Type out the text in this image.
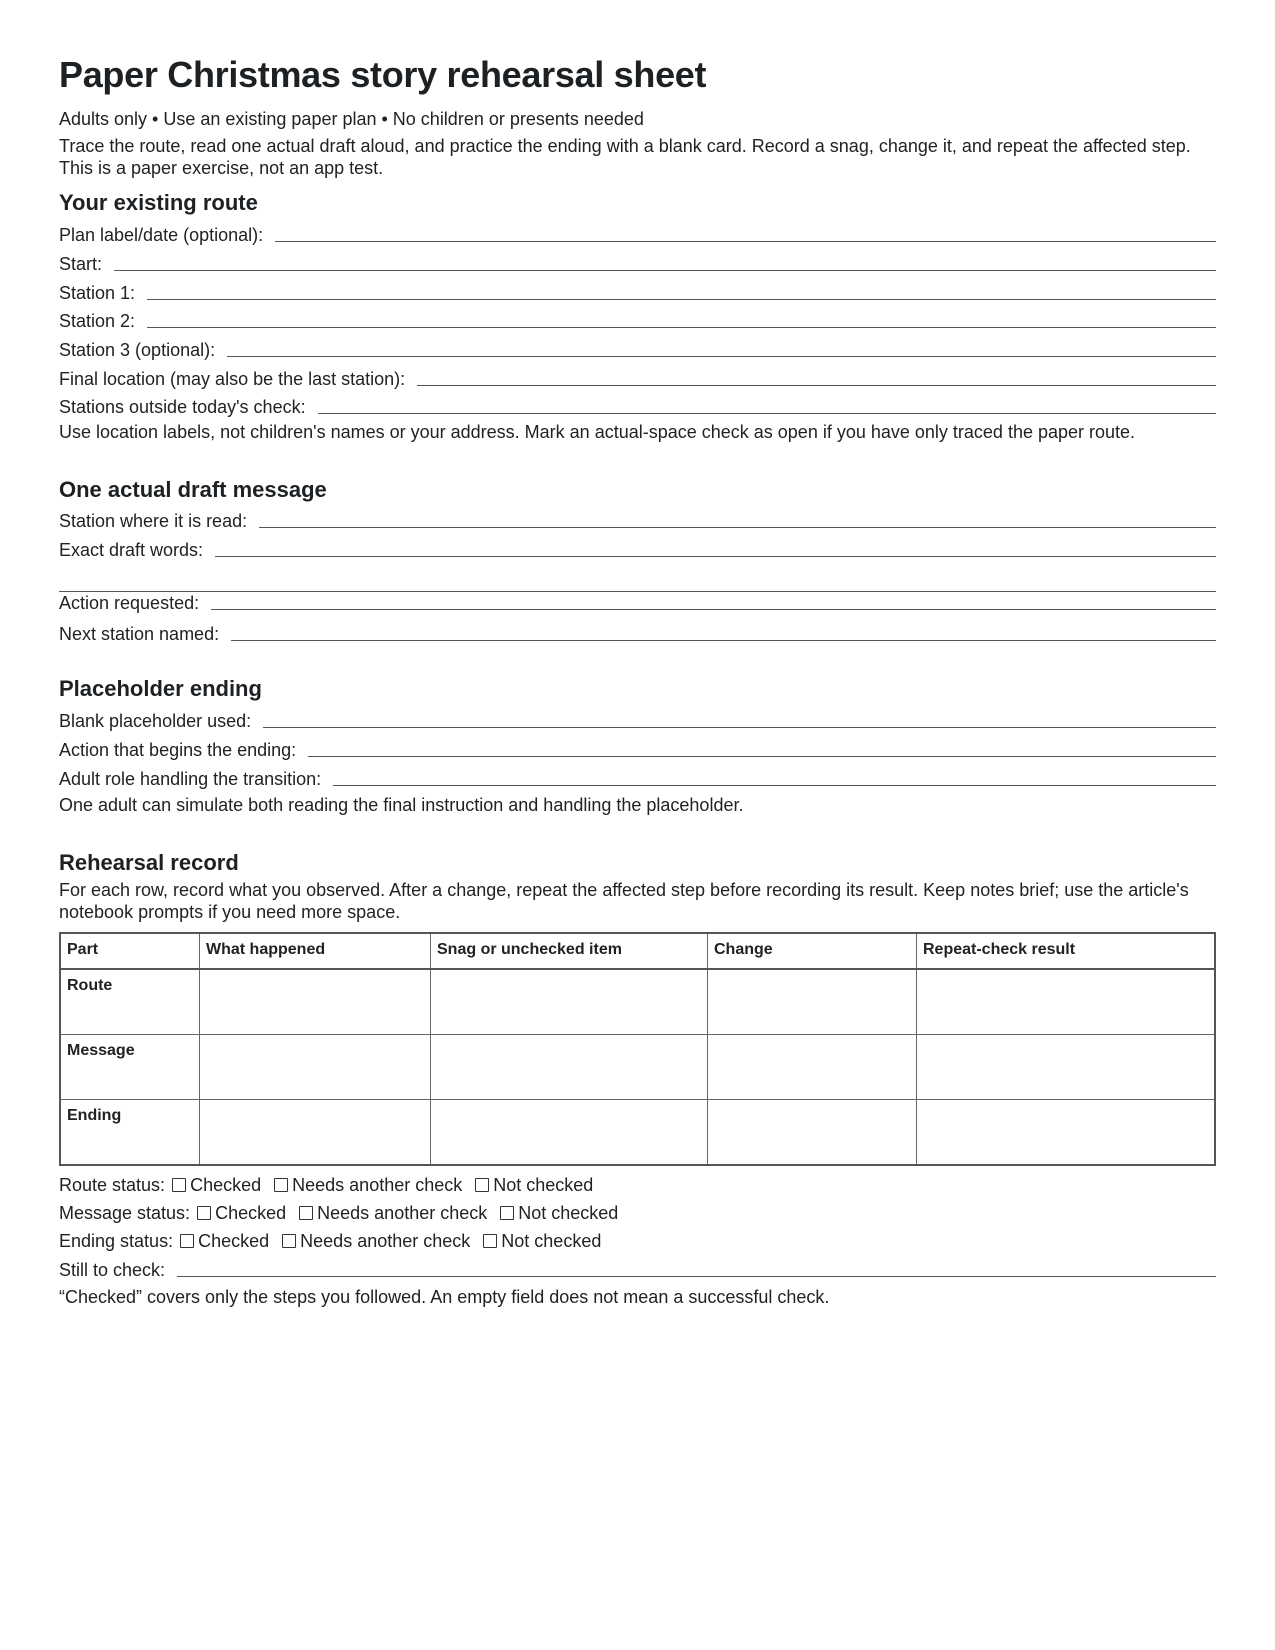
Paper Christmas story rehearsal sheet
Adults only • Use an existing paper plan • No children or presents needed
Trace the route, read one actual draft aloud, and practice the ending with a blank card. Record a snag, change it, and repeat the affected step. This is a paper exercise, not an app test.
Your existing route
Plan label/date (optional):
Start:
Station 1:
Station 2:
Station 3 (optional):
Final location (may also be the last station):
Stations outside today's check:
Use location labels, not children's names or your address. Mark an actual-space check as open if you have only traced the paper route.
One actual draft message
Station where it is read:
Exact draft words:
Action requested:
Next station named:
Placeholder ending
Blank placeholder used:
Action that begins the ending:
Adult role handling the transition:
One adult can simulate both reading the final instruction and handling the placeholder.
Rehearsal record
For each row, record what you observed. After a change, repeat the affected step before recording its result. Keep notes brief; use the article's notebook prompts if you need more space.
Part	What happened	Snag or unchecked item	Change	Repeat-check result
Route				
Message				
Ending				
Route status: Checked Needs another check Not checked
Message status: Checked Needs another check Not checked
Ending status: Checked Needs another check Not checked
Still to check:
“Checked” covers only the steps you followed. An empty field does not mean a successful check.
